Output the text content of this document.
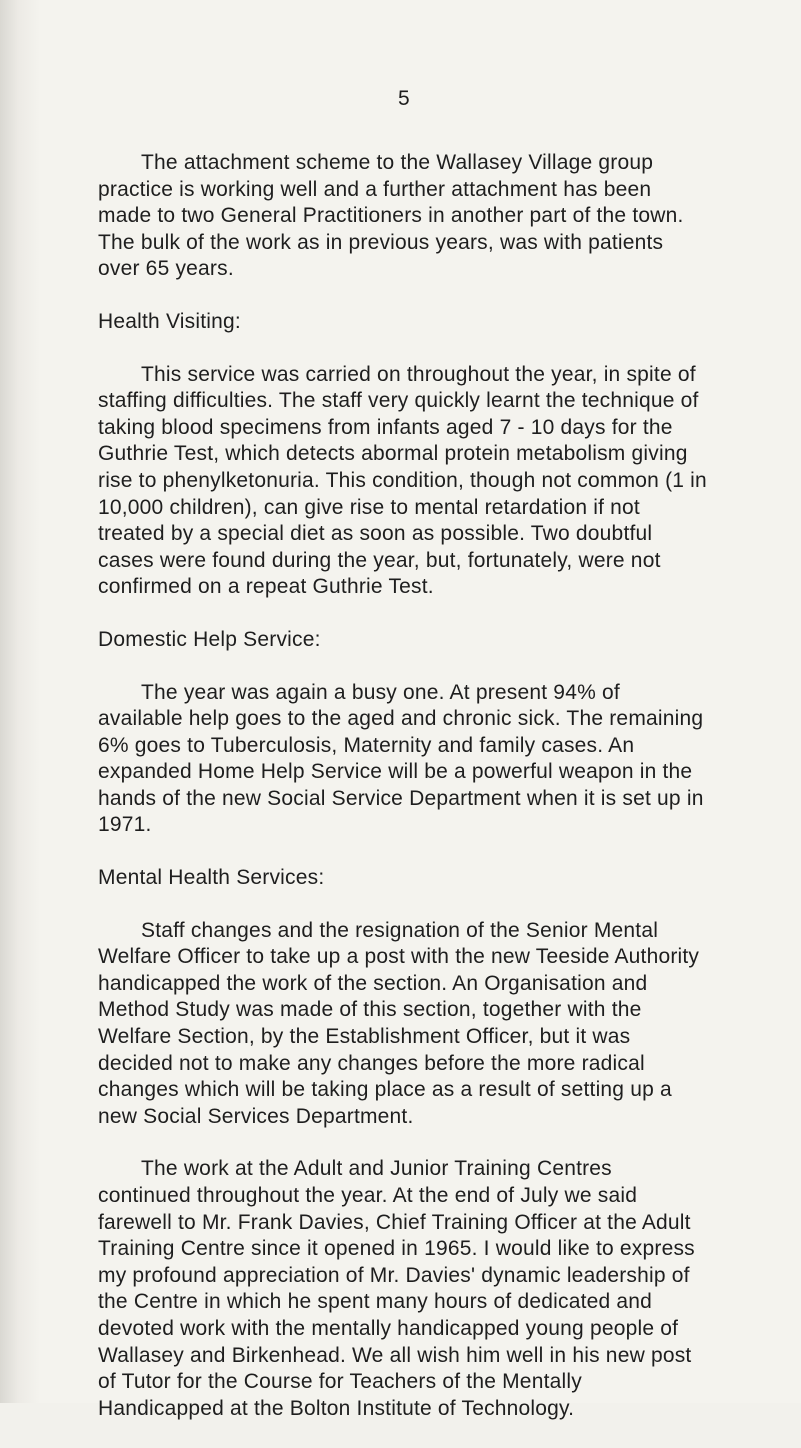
5

The attachment scheme to the Wallasey Village group practice is working well and a further attachment has been made to two General Practitioners in another part of the town. The bulk of the work as in previous years, was with patients over 65 years.

Health Visiting:

This service was carried on throughout the year, in spite of staffing difficulties. The staff very quickly learnt the technique of taking blood specimens from infants aged 7 - 10 days for the Guthrie Test, which detects abormal protein metabolism giving rise to phenylketonuria. This condition, though not common (1 in 10,000 children), can give rise to mental retardation if not treated by a special diet as soon as possible. Two doubtful cases were found during the year, but, fortunately, were not confirmed on a repeat Guthrie Test.

Domestic Help Service:

The year was again a busy one. At present 94% of available help goes to the aged and chronic sick. The remaining 6% goes to Tuberculosis, Maternity and family cases. An expanded Home Help Service will be a powerful weapon in the hands of the new Social Service Department when it is set up in 1971.

Mental Health Services:

Staff changes and the resignation of the Senior Mental Welfare Officer to take up a post with the new Teeside Authority handicapped the work of the section. An Organisation and Method Study was made of this section, together with the Welfare Section, by the Establishment Officer, but it was decided not to make any changes before the more radical changes which will be taking place as a result of setting up a new Social Services Department.

The work at the Adult and Junior Training Centres continued throughout the year. At the end of July we said farewell to Mr. Frank Davies, Chief Training Officer at the Adult Training Centre since it opened in 1965. I would like to express my profound appreciation of Mr. Davies' dynamic leadership of the Centre in which he spent many hours of dedicated and devoted work with the mentally handicapped young people of Wallasey and Birkenhead. We all wish him well in his new post of Tutor for the Course for Teachers of the Mentally Handicapped at the Bolton Institute of Technology.
